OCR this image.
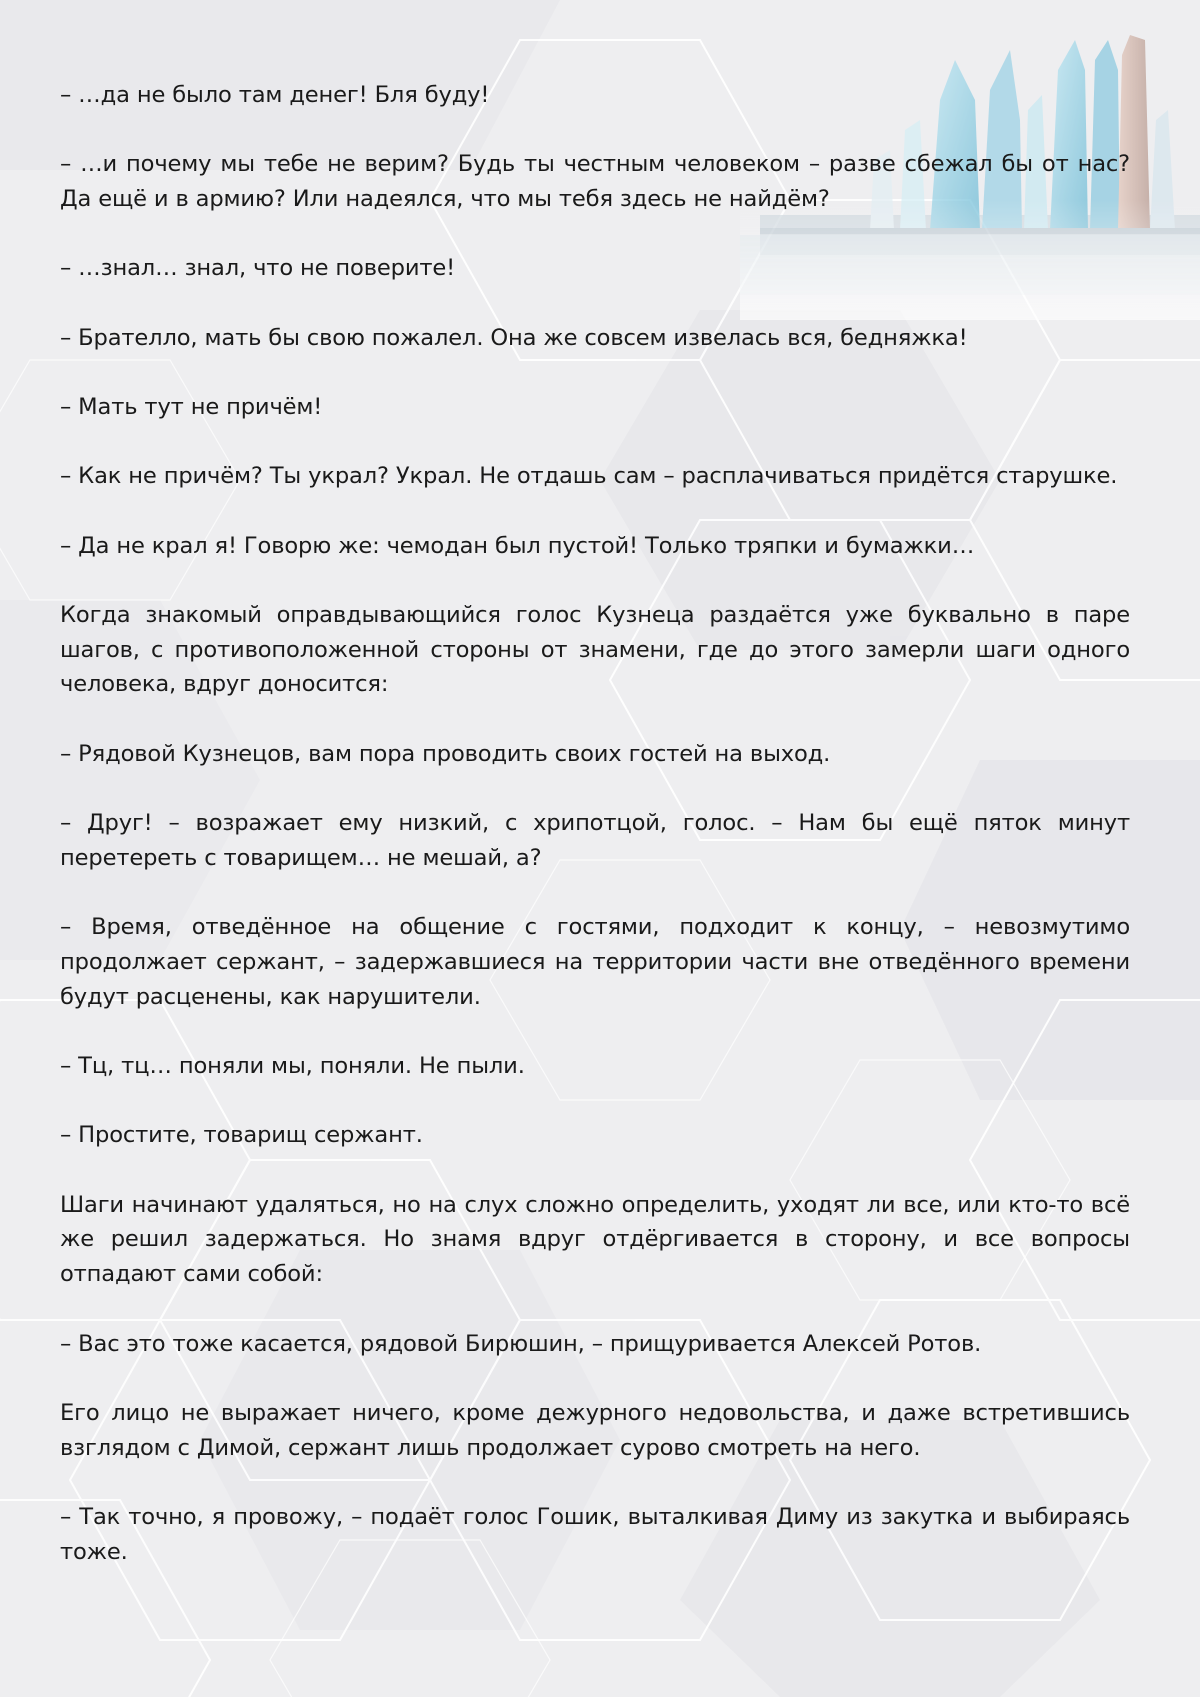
– …да не было там денег! Бля буду!

– …и почему мы тебе не верим? Будь ты честным человеком – разве сбежал бы от нас? Да ещё и в армию? Или надеялся, что мы тебя здесь не найдём?

– …знал… знал, что не поверите!

– Брателло, мать бы свою пожалел. Она же совсем извелась вся, бедняжка!

– Мать тут не причём!

– Как не причём? Ты украл? Украл. Не отдашь сам – расплачиваться придётся старушке.

– Да не крал я! Говорю же: чемодан был пустой! Только тряпки и бумажки…

Когда знакомый оправдывающийся голос Кузнеца раздаётся уже буквально в паре шагов, с противоположенной стороны от знамени, где до этого замерли шаги одного человека, вдруг доносится:

– Рядовой Кузнецов, вам пора проводить своих гостей на выход.

– Друг! – возражает ему низкий, с хрипотцой, голос. – Нам бы ещё пяток минут перетереть с товарищем… не мешай, а?

– Время, отведённое на общение с гостями, подходит к концу, – невозмутимо продолжает сержант, – задержавшиеся на территории части вне отведённого времени будут расценены, как нарушители.

– Тц, тц… поняли мы, поняли. Не пыли.

– Простите, товарищ сержант.

Шаги начинают удаляться, но на слух сложно определить, уходят ли все, или кто-то всё же решил задержаться. Но знамя вдруг отдёргивается в сторону, и все вопросы отпадают сами собой:

– Вас это тоже касается, рядовой Бирюшин, – прищуривается Алексей Ротов.

Его лицо не выражает ничего, кроме дежурного недовольства, и даже встретившись взглядом с Димой, сержант лишь продолжает сурово смотреть на него.

– Так точно, я провожу, – подаёт голос Гошик, выталкивая Диму из закутка и выбираясь тоже.
